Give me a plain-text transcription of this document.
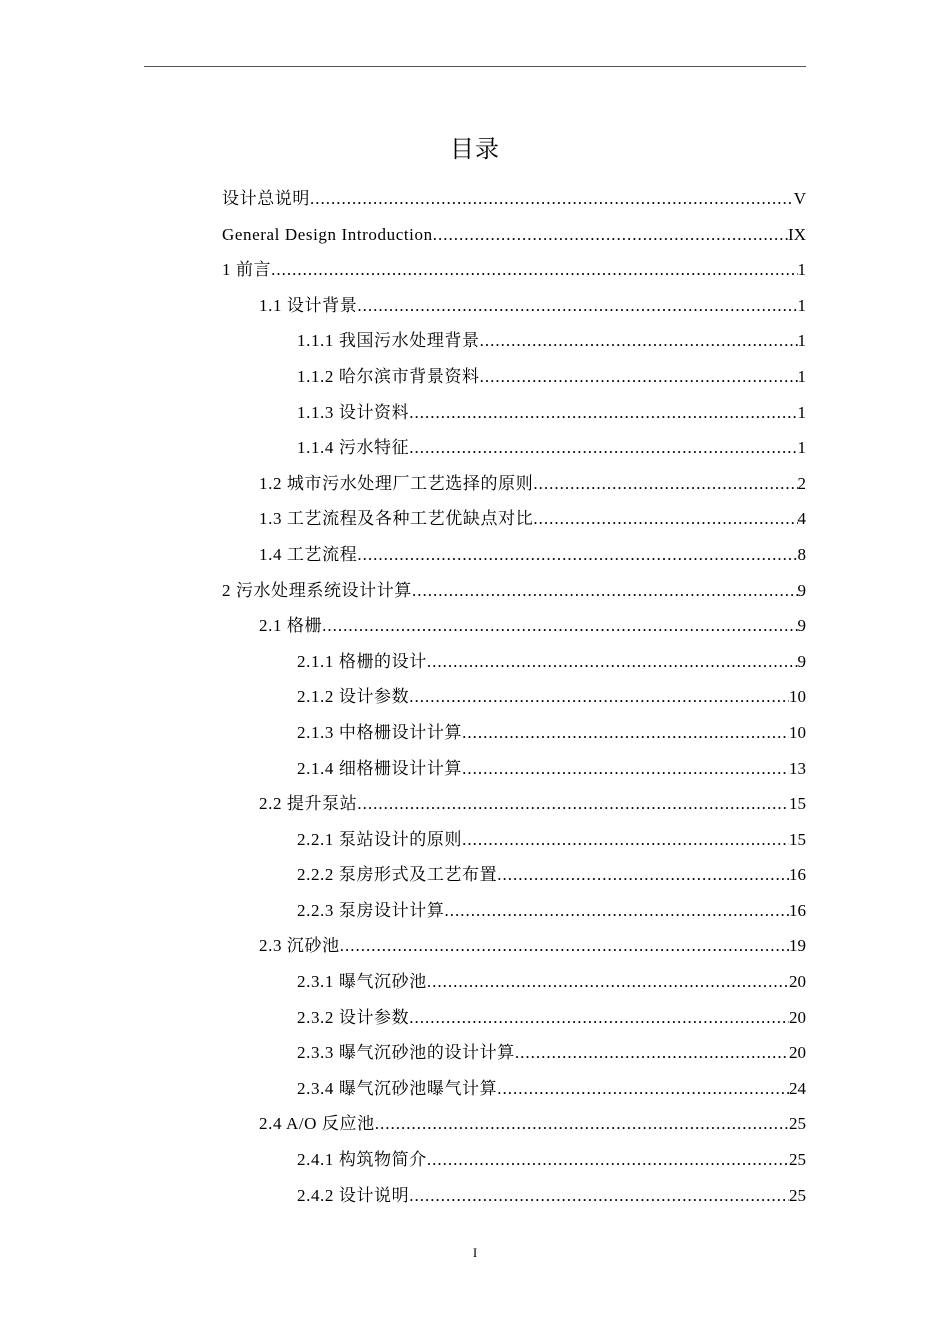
目录
设计总说明 .....	V
General Design Introduction .....	IX
1 前言 .....	1
1.1 设计背景 .....	1
1.1.1 我国污水处理背景 .....	1
1.1.2 哈尔滨市背景资料 .....	1
1.1.3 设计资料 .....	1
1.1.4 污水特征 .....	1
1.2 城市污水处理厂工艺选择的原则 .....	2
1.3 工艺流程及各种工艺优缺点对比 .....	4
1.4 工艺流程 .....	8
2 污水处理系统设计计算 .....	9
2.1 格栅 .....	9
2.1.1 格栅的设计 .....	9
2.1.2 设计参数 .....	10
2.1.3 中格栅设计计算 .....	10
2.1.4 细格栅设计计算 .....	13
2.2 提升泵站 .....	15
2.2.1 泵站设计的原则 .....	15
2.2.2 泵房形式及工艺布置 .....	16
2.2.3 泵房设计计算 .....	16
2.3 沉砂池 .....	19
2.3.1 曝气沉砂池 .....	20
2.3.2 设计参数 .....	20
2.3.3 曝气沉砂池的设计计算 .....	20
2.3.4 曝气沉砂池曝气计算 .....	24
2.4 A/O 反应池 .....	25
2.4.1 构筑物简介 .....	25
2.4.2 设计说明 .....	25
I
